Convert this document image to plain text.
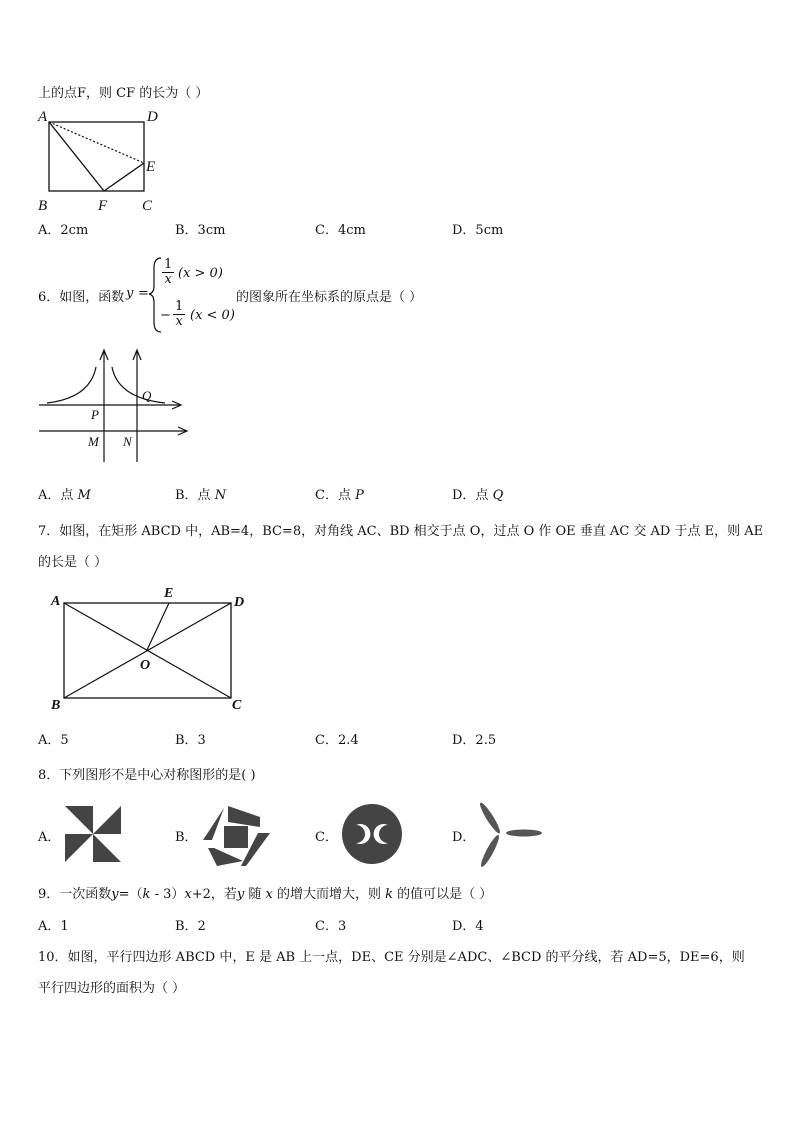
上的点F，则 CF 的长为（ ）
A	D
E
B	F C
A．2cm	B．3cm	C．4cm	D．5cm
6．如图，函数 y =
$\frac{1}{x} (x > 0)$
− $\frac{1}{x} (x < 0)$
的图象所在坐标系的原点是（ ）
Q
P
M N
A．点 M	B．点 N	C．点 P	D．点 Q
7．如图，在矩形 ABCD 中，AB=4，BC=8，对角线 AC、BD 相交于点 O，过点 O 作 OE 垂直 AC 交 AD 于点 E，则 AE
的长是（ ）
A
E
D
O
B	C
A．5	B．3	C．2.4	D．2.5
8．下列图形不是中心对称图形的是( )
A．	B．	C．	D．
9．一次函数y=（k - 3）x+2，若y 随 x 的增大而增大，则 k 的值可以是（ ）
A．1	B．2	C．3	D．4
10．如图，平行四边形 ABCD 中，E 是 AB 上一点，DE、CE 分别是∠ADC、∠BCD 的平分线，若 AD=5，DE=6，则
平行四边形的面积为（ ）
